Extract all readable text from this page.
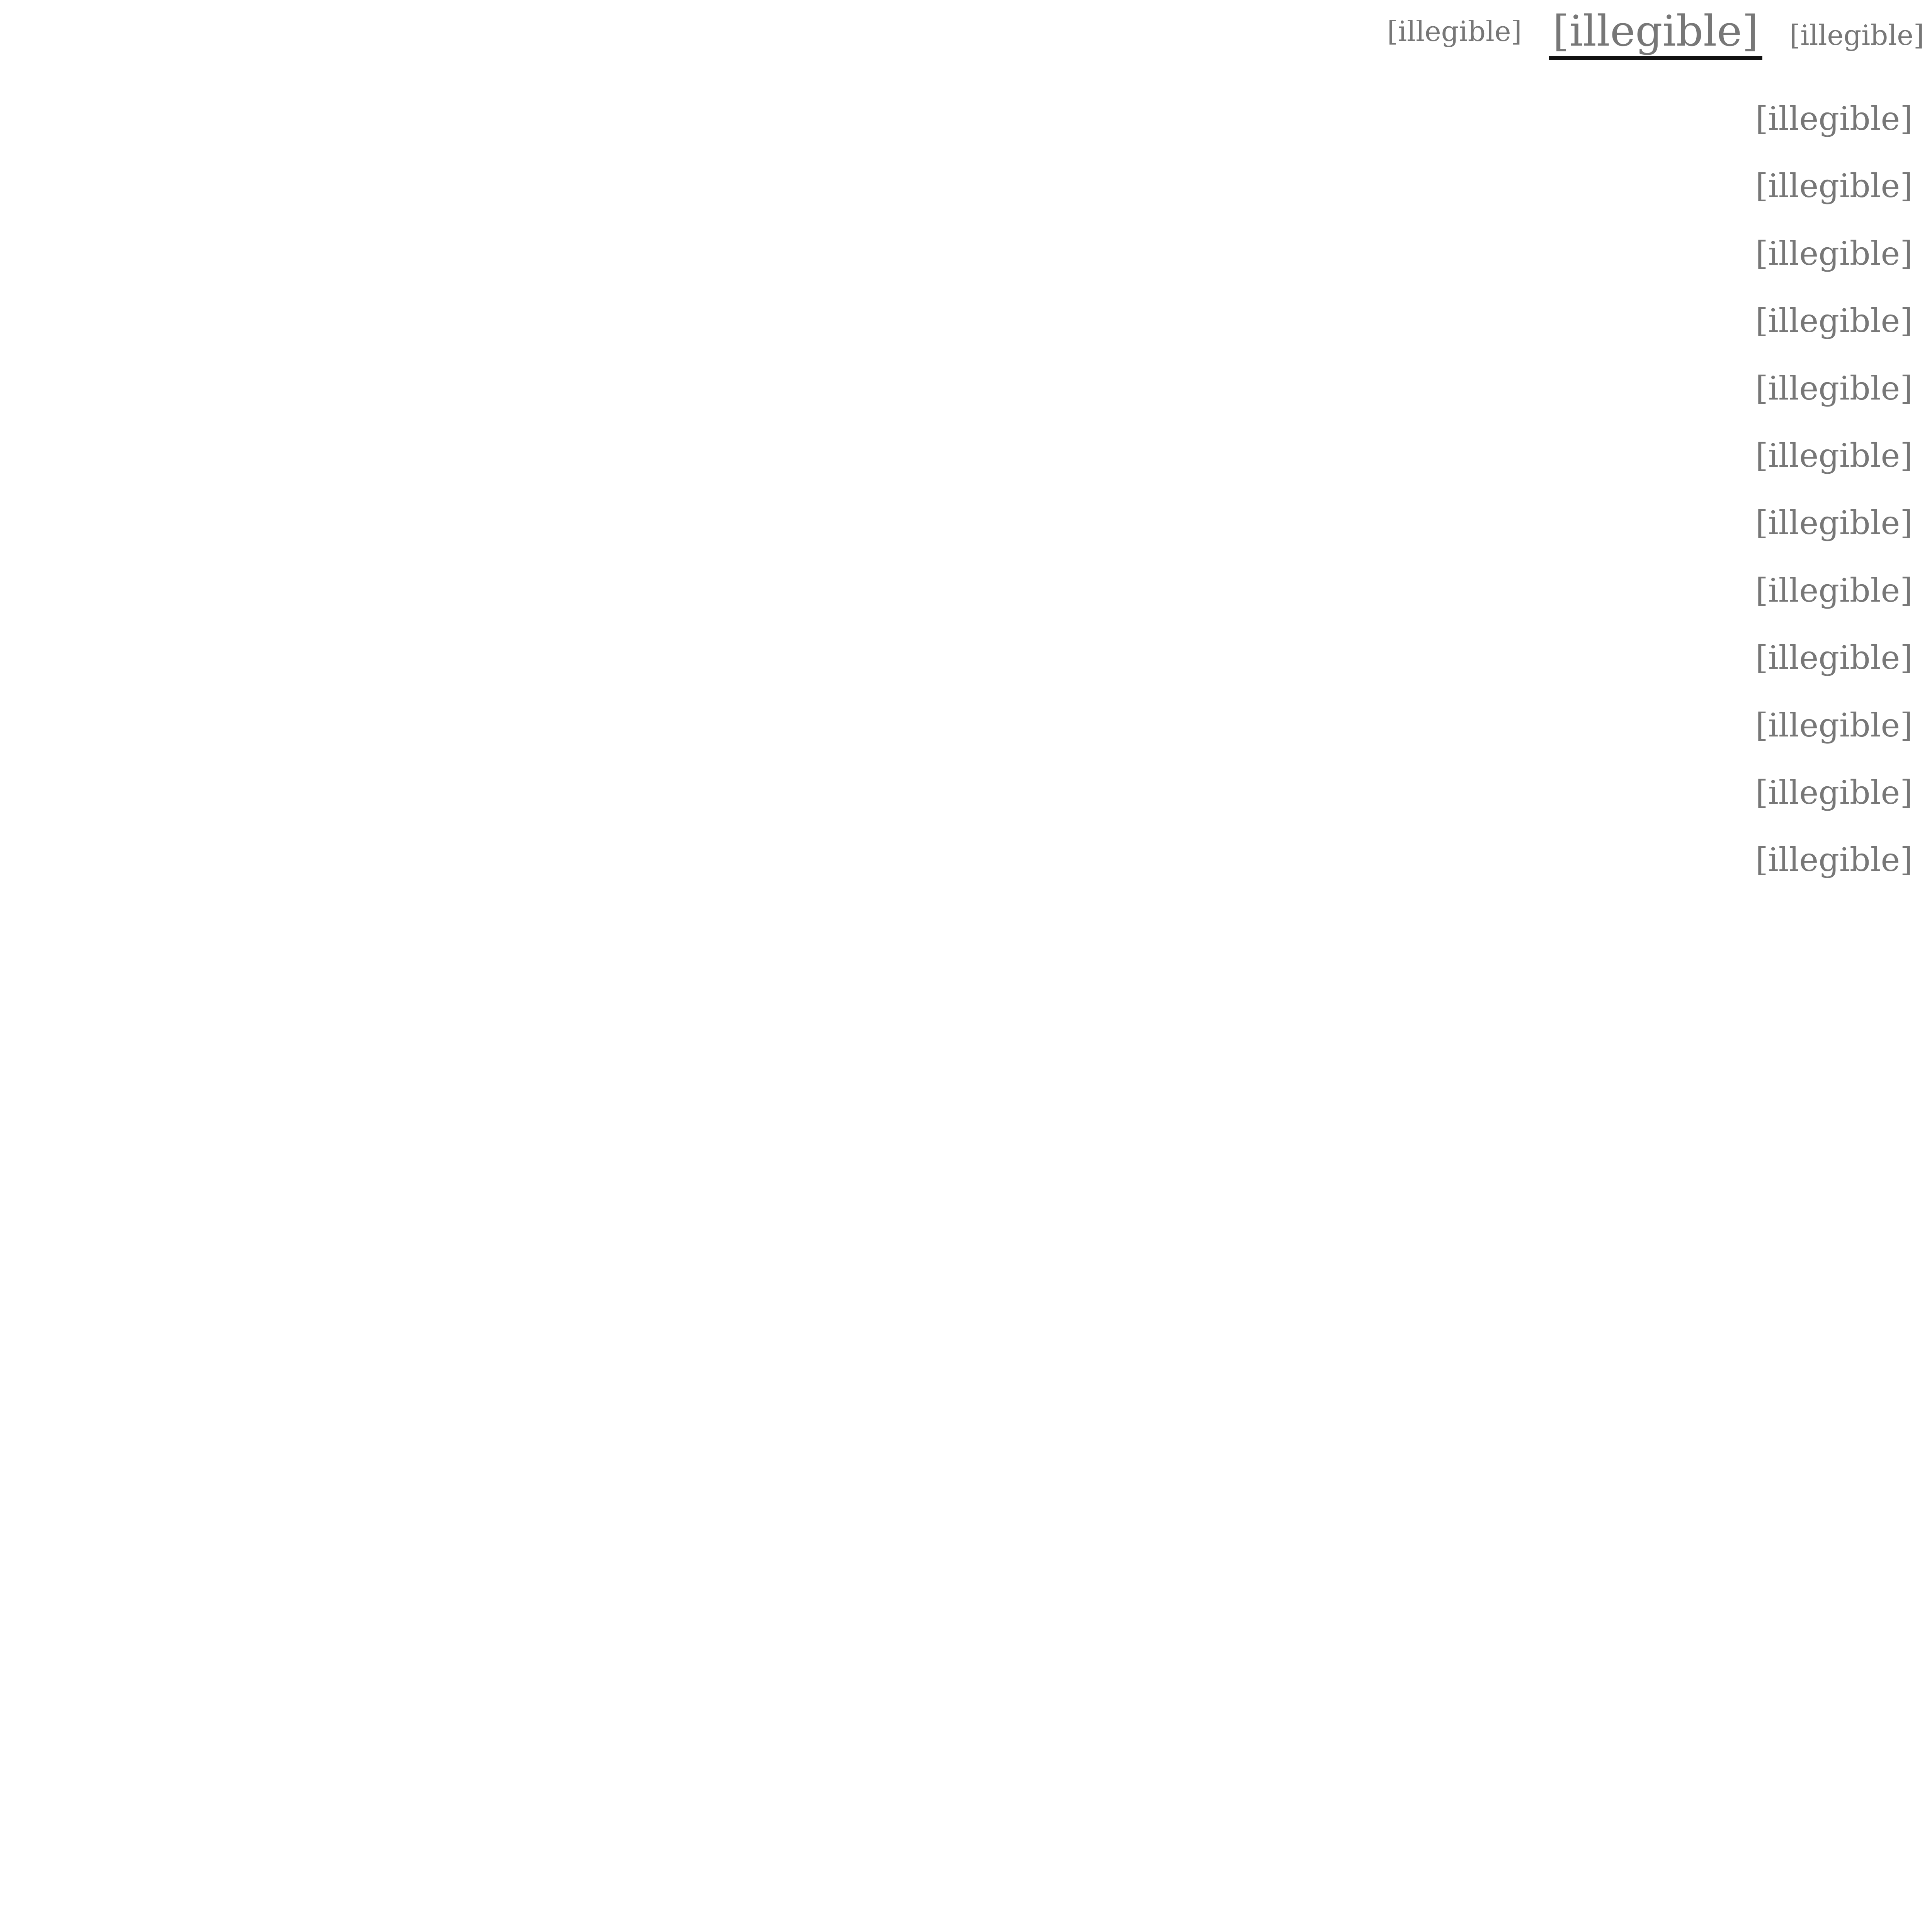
[illegible]
[illegible]
[illegible]

[illegible]

[illegible]

[illegible]

[illegible]

[illegible]

[illegible]

[illegible]

[illegible]

[illegible]

[illegible]

[illegible]

[illegible]
